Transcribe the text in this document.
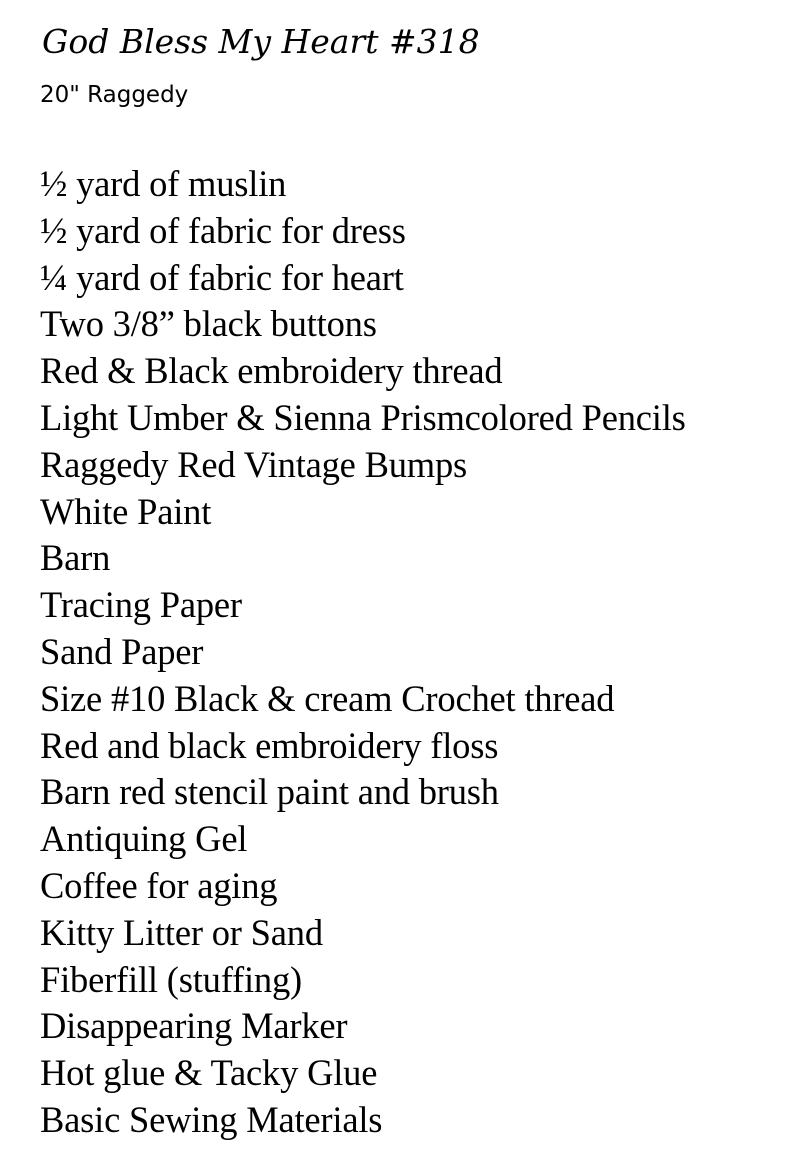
God Bless My Heart #318
20" Raggedy
½ yard of muslin
½ yard of fabric for dress
¼ yard of fabric for heart
Two 3/8” black buttons
Red & Black embroidery thread
Light Umber & Sienna Prismcolored Pencils
Raggedy Red Vintage Bumps
White Paint
Barn
Tracing Paper
Sand Paper
Size #10 Black & cream Crochet thread
Red and black embroidery floss
Barn red stencil paint and brush
Antiquing Gel
Coffee for aging
Kitty Litter or Sand
Fiberfill (stuffing)
Disappearing Marker
Hot glue & Tacky Glue
Basic Sewing Materials
